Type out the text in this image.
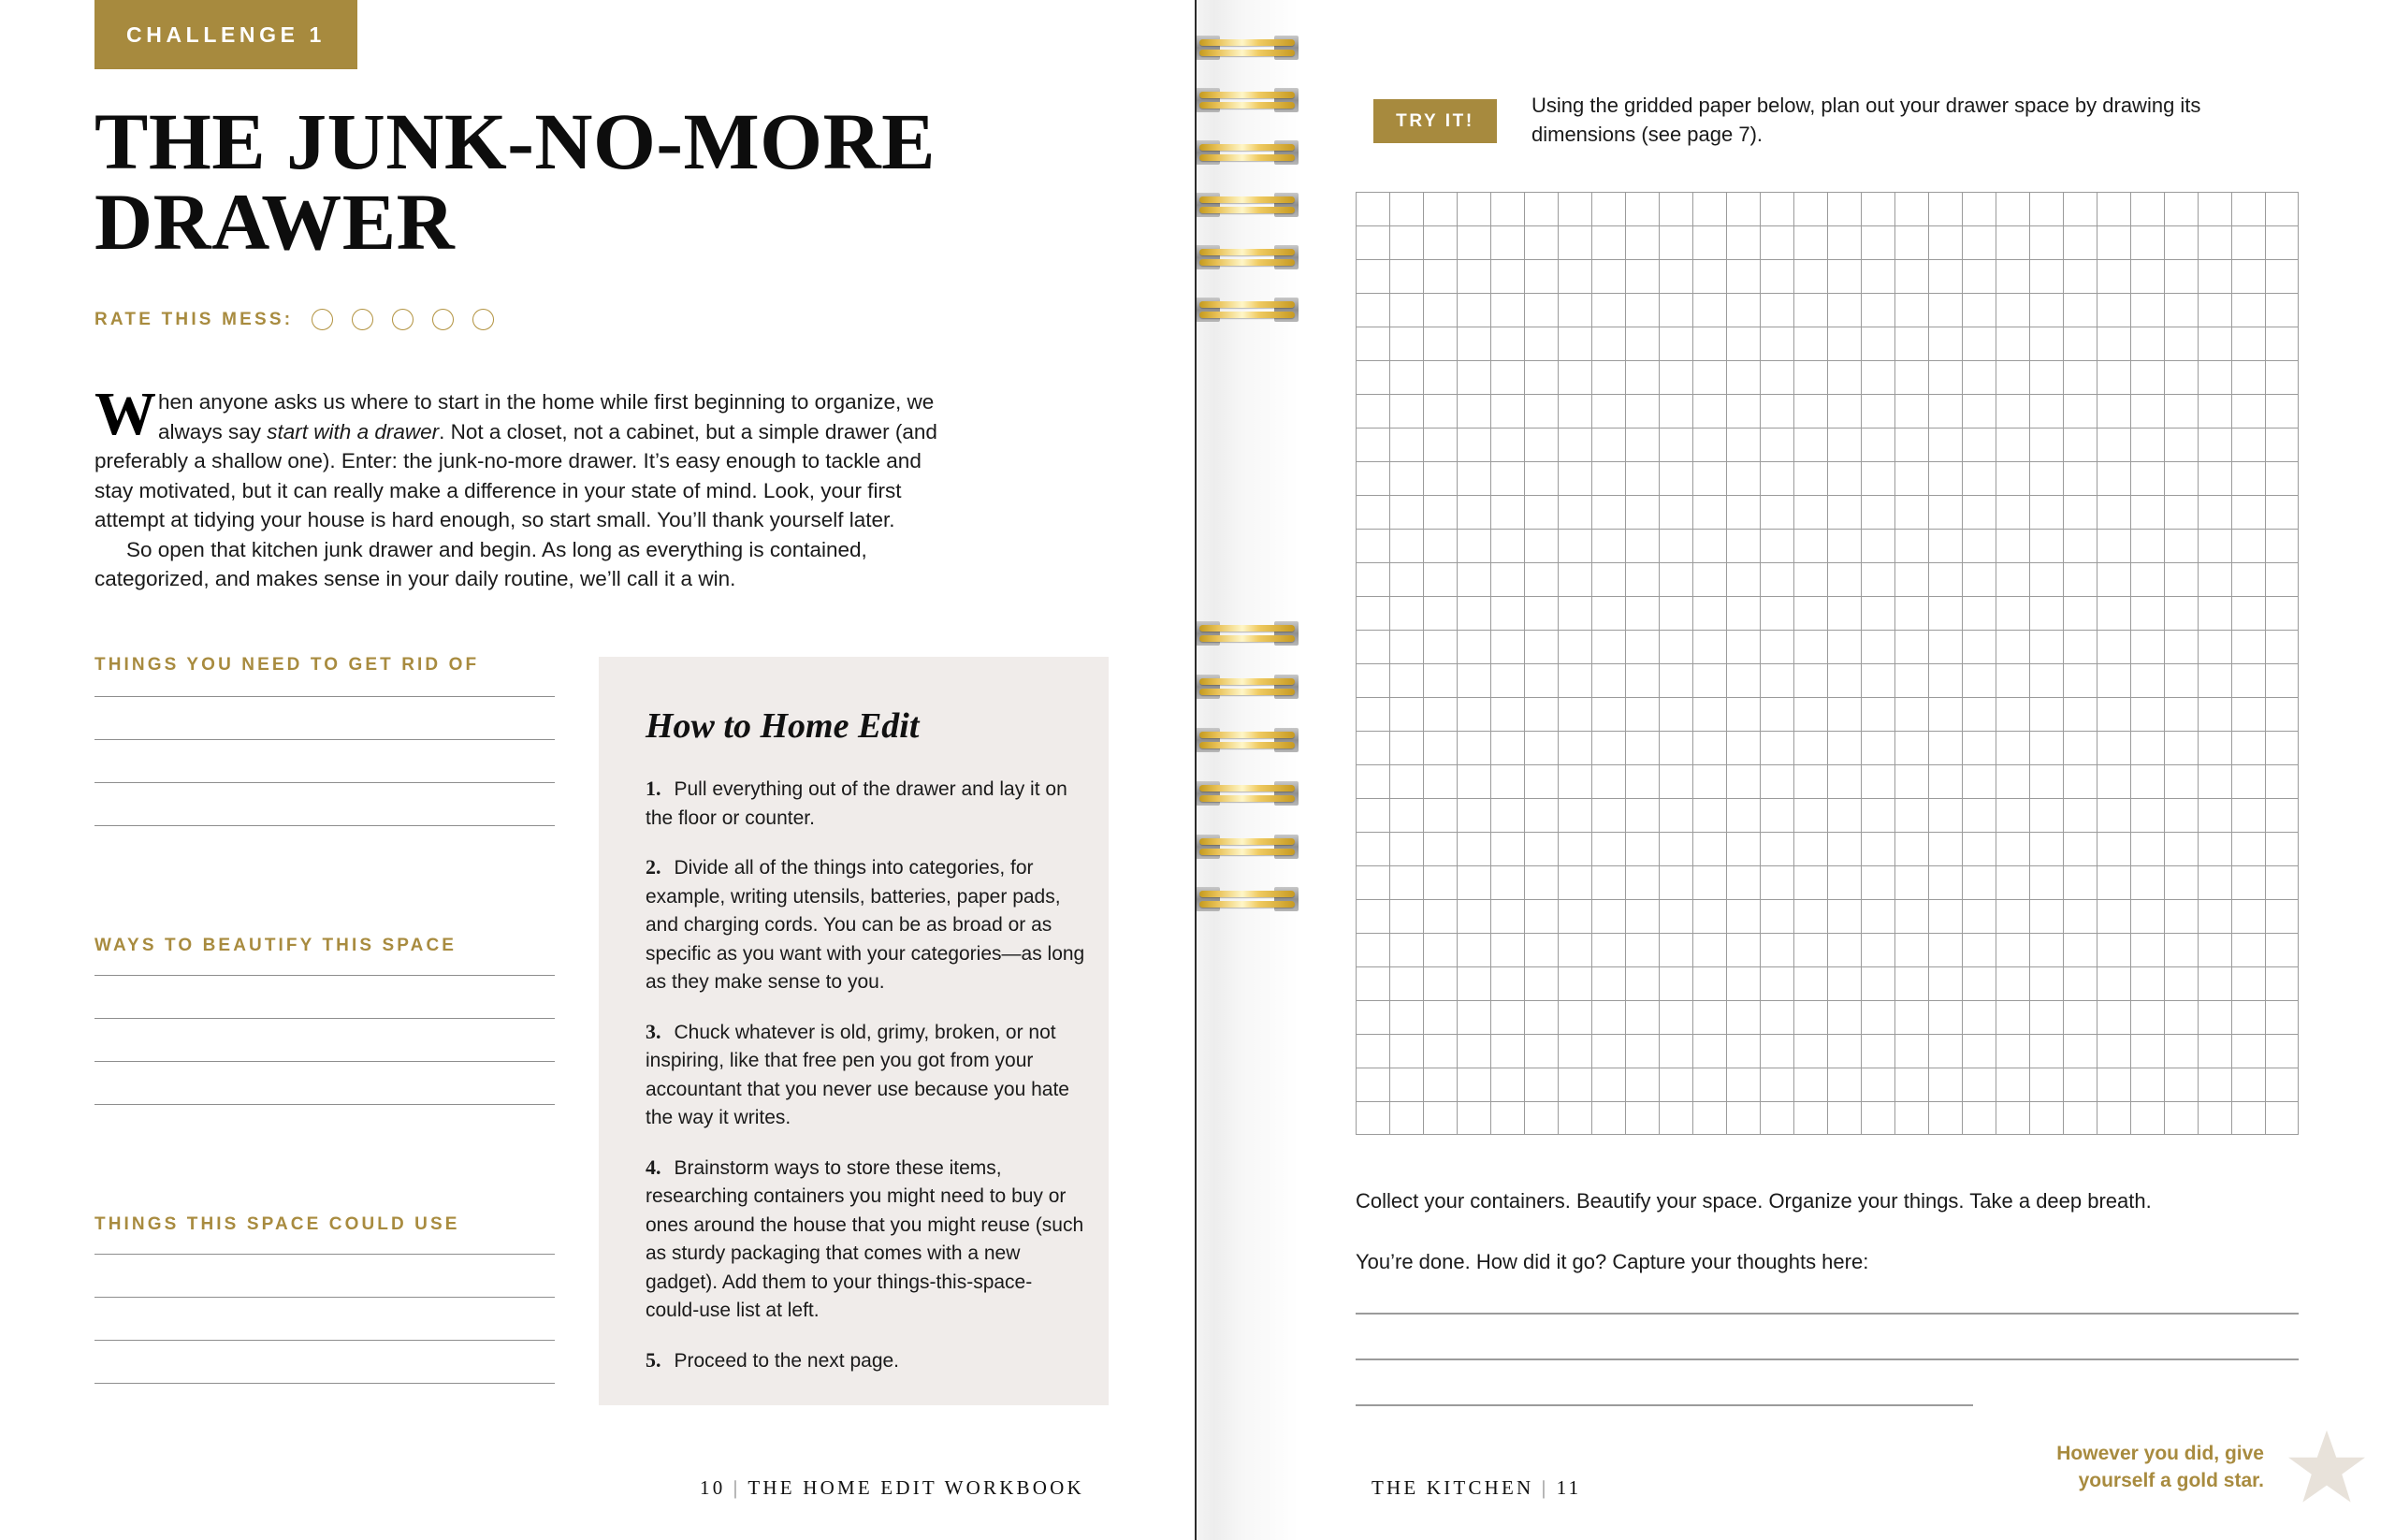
CHALLENGE 1
THE JUNK-NO-MORE DRAWER
RATE THIS MESS:

When anyone asks us where to start in the home while first beginning to organize, we always say start with a drawer. Not a closet, not a cabinet, but a simple drawer (and preferably a shallow one). Enter: the junk-no-more drawer. It’s easy enough to tackle and stay motivated, but it can really make a difference in your state of mind. Look, your first attempt at tidying your house is hard enough, so start small. You’ll thank yourself later.

So open that kitchen junk drawer and begin. As long as everything is contained, categorized, and makes sense in your daily routine, we’ll call it a win.

THINGS YOU NEED TO GET RID OF
WAYS TO BEAUTIFY THIS SPACE
THINGS THIS SPACE COULD USE
10 | THE HOME EDIT WORKBOOK
How to Home Edit

1. Pull everything out of the drawer and lay it on the floor or counter.

2. Divide all of the things into categories, for example, writing utensils, batteries, paper pads, and charging cords. You can be as broad or as specific as you want with your categories—as long as they make sense to you.

3. Chuck whatever is old, grimy, broken, or not inspiring, like that free pen you got from your accountant that you never use because you hate the way it writes.

4. Brainstorm ways to store these items, researching containers you might need to buy or ones around the house that you might reuse (such as sturdy packaging that comes with a new gadget). Add them to your things-this-space-could-use list at left.

5. Proceed to the next page.

TRY IT!
Using the gridded paper below, plan out your drawer space by drawing its dimensions (see page 7).
Collect your containers. Beautify your space. Organize your things. Take a deep breath.
You’re done. How did it go? Capture your thoughts here:
However you did, give
yourself a gold star.
THE KITCHEN | 11
